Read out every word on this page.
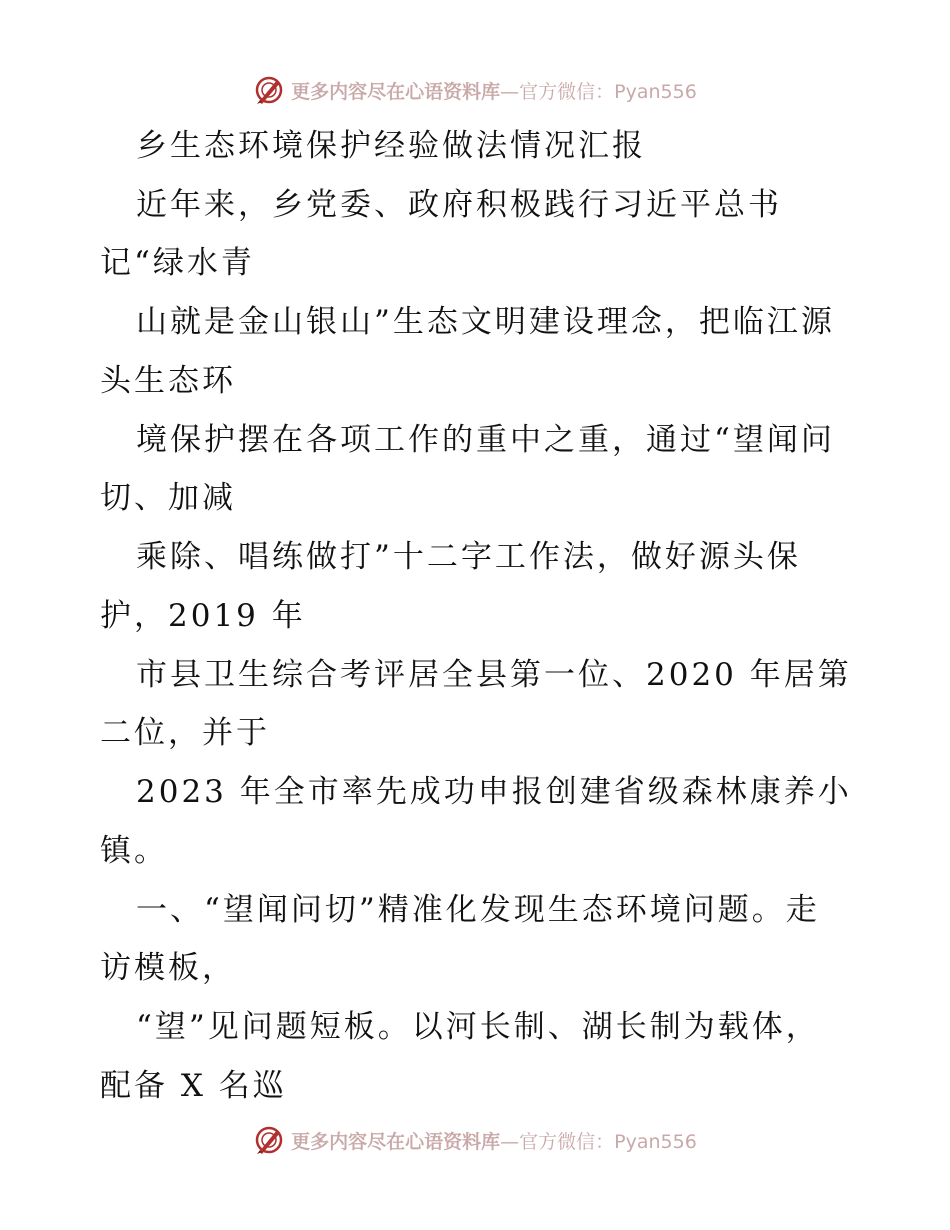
更多内容尽在心语资料库 —官方微信：Pyan556
乡生态环境保护经验做法情况汇报
近年来，乡党委、政府积极践行习近平总书
记“绿水青
山就是金山银山”生态文明建设理念，把临江源
头生态环
境保护摆在各项工作的重中之重，通过“望闻问
切、加减
乘除、唱练做打”十二字工作法，做好源头保
护，2019 年
市县卫生综合考评居全县第一位、2020 年居第
二位，并于
2023 年全市率先成功申报创建省级森林康养小
镇。
一、“望闻问切”精准化发现生态环境问题。走
访模板，
“望”见问题短板。以河长制、湖长制为载体，
配备 X 名巡
更多内容尽在心语资料库 —官方微信：Pyan556
